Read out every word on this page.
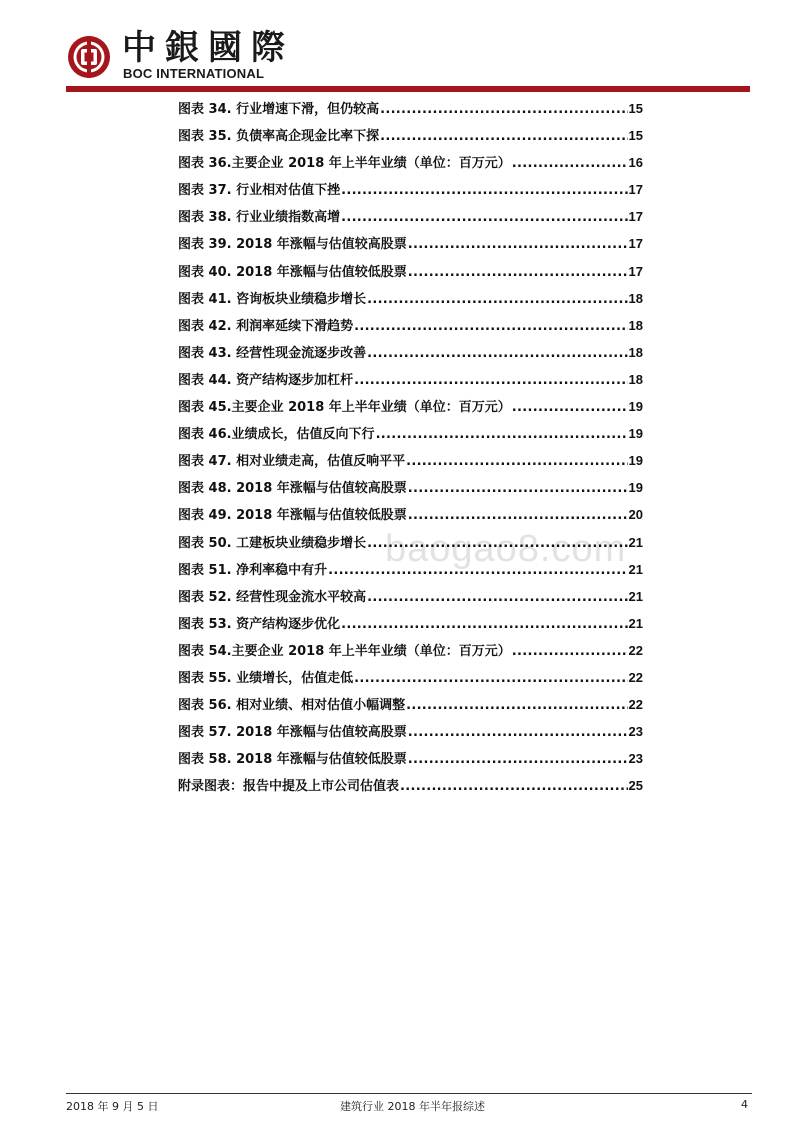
中銀國際
BOC INTERNATIONAL
baogao8.com
图表 34. 行业增速下滑，但仍较高 .....	15
图表 35. 负债率高企现金比率下探 .....	15
图表 36.主要企业 2018 年上半年业绩（单位：百万元） .....	16
图表 37. 行业相对估值下挫 .....	17
图表 38. 行业业绩指数高增 .....	17
图表 39. 2018 年涨幅与估值较高股票 .....	17
图表 40. 2018 年涨幅与估值较低股票 .....	17
图表 41. 咨询板块业绩稳步增长 .....	18
图表 42. 利润率延续下滑趋势 .....	18
图表 43. 经营性现金流逐步改善 .....	18
图表 44. 资产结构逐步加杠杆 .....	18
图表 45.主要企业 2018 年上半年业绩（单位：百万元） .....	19
图表 46.业绩成长，估值反向下行 .....	19
图表 47. 相对业绩走高，估值反响平平 .....	19
图表 48. 2018 年涨幅与估值较高股票 .....	19
图表 49. 2018 年涨幅与估值较低股票 .....	20
图表 50. 工建板块业绩稳步增长 .....	21
图表 51. 净利率稳中有升 .....	21
图表 52. 经营性现金流水平较高 .....	21
图表 53. 资产结构逐步优化 .....	21
图表 54.主要企业 2018 年上半年业绩（单位：百万元） .....	22
图表 55. 业绩增长，估值走低 .....	22
图表 56. 相对业绩、相对估值小幅调整 .....	22
图表 57. 2018 年涨幅与估值较高股票 .....	23
图表 58. 2018 年涨幅与估值较低股票 .....	23
附录图表：报告中提及上市公司估值表 .....	25
2018 年 9 月 5 日	建筑行业 2018 年半年报综述	4
